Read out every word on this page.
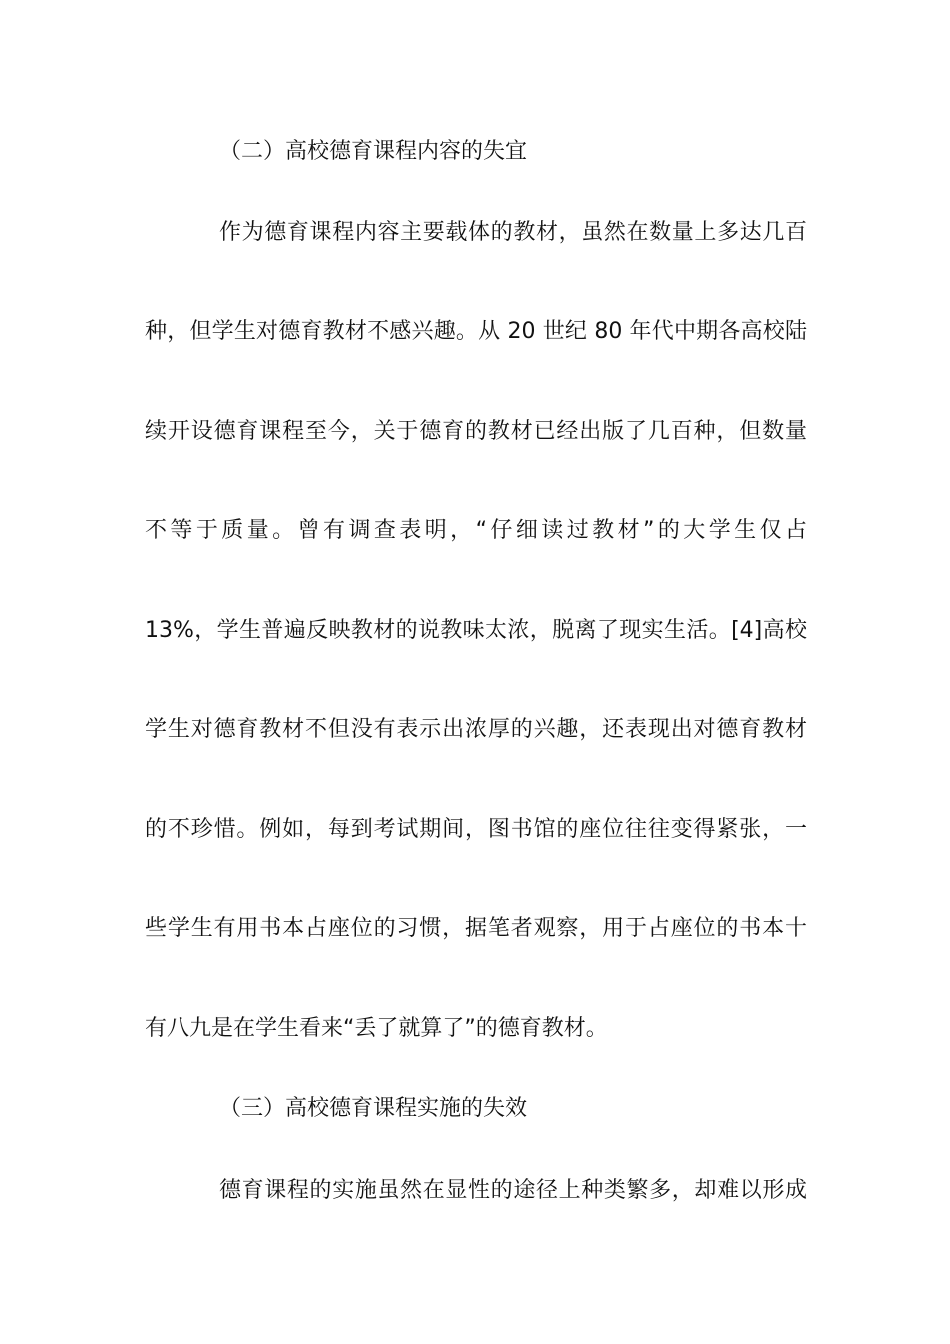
（二）高校德育课程内容的失宜

作为德育课程内容主要载体的教材，虽然在数量上多达几百

种，但学生对德育教材不感兴趣。从 20 世纪 80 年代中期各高校陆

续开设德育课程至今，关于德育的教材已经出版了几百种，但数量

不等于质量。曾有调查表明，“仔细读过教材”的大学生仅占

13%，学生普遍反映教材的说教味太浓，脱离了现实生活。[4]高校

学生对德育教材不但没有表示出浓厚的兴趣，还表现出对德育教材

的不珍惜。例如，每到考试期间，图书馆的座位往往变得紧张，一

些学生有用书本占座位的习惯，据笔者观察，用于占座位的书本十

有八九是在学生看来“丢了就算了”的德育教材。

（三）高校德育课程实施的失效

德育课程的实施虽然在显性的途径上种类繁多，却难以形成
